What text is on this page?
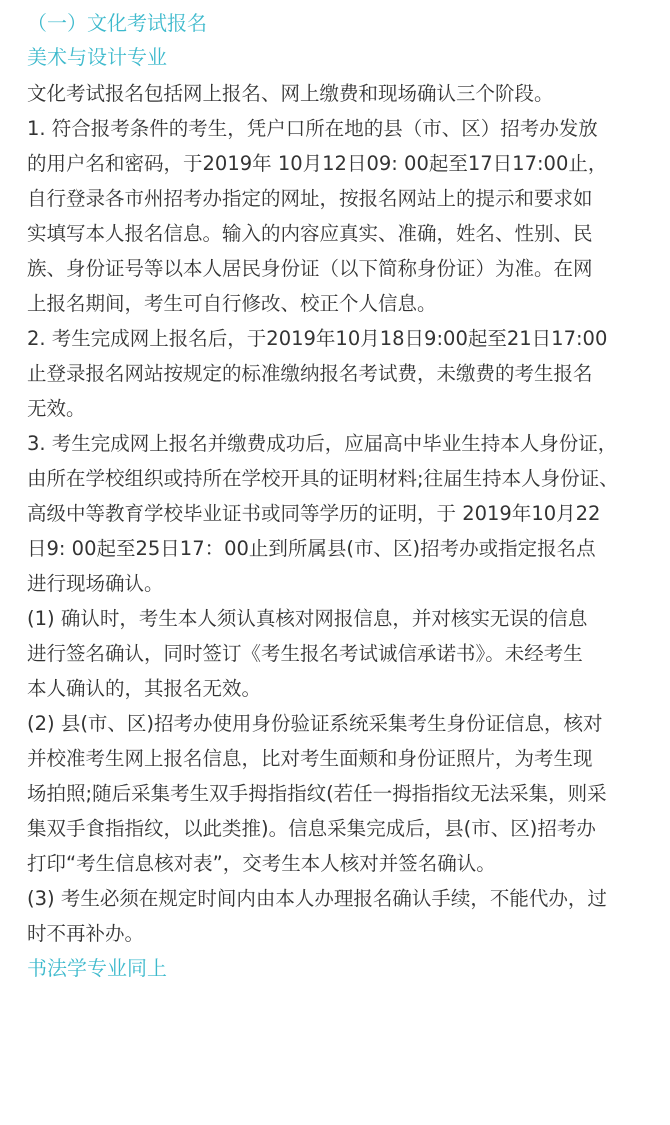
（一）文化考试报名
美术与设计专业
文化考试报名包括网上报名、网上缴费和现场确认三个阶段。
1. 符合报考条件的考生，凭户口所在地的县（市、区）招考办发放
的用户名和密码，于2019年 10月12日09: 00起至17日17:00止，
自行登录各市州招考办指定的网址，按报名网站上的提示和要求如
实填写本人报名信息。输入的内容应真实、准确，姓名、性别、民
族、身份证号等以本人居民身份证（以下简称身份证）为准。在网
上报名期间，考生可自行修改、校正个人信息。
2. 考生完成网上报名后，于2019年10月18日9:00起至21日17:00
止登录报名网站按规定的标准缴纳报名考试费，未缴费的考生报名
无效。
3. 考生完成网上报名并缴费成功后，应届高中毕业生持本人身份证，
由所在学校组织或持所在学校开具的证明材料;往届生持本人身份证、
高级中等教育学校毕业证书或同等学历的证明，于 2019年10月22
日9: 00起至25日17：00止到所属县(市、区)招考办或指定报名点
进行现场确认。
(1) 确认时，考生本人须认真核对网报信息，并对核实无误的信息
进行签名确认，同时签订《考生报名考试诚信承诺书》。未经考生
本人确认的，其报名无效。
(2) 县(市、区)招考办使用身份验证系统采集考生身份证信息，核对
并校准考生网上报名信息，比对考生面颊和身份证照片，为考生现
场拍照;随后采集考生双手拇指指纹(若任一拇指指纹无法采集，则采
集双手食指指纹，以此类推)。信息采集完成后，县(市、区)招考办
打印“考生信息核对表”，交考生本人核对并签名确认。
(3) 考生必须在规定时间内由本人办理报名确认手续，不能代办，过
时不再补办。
书法学专业同上
